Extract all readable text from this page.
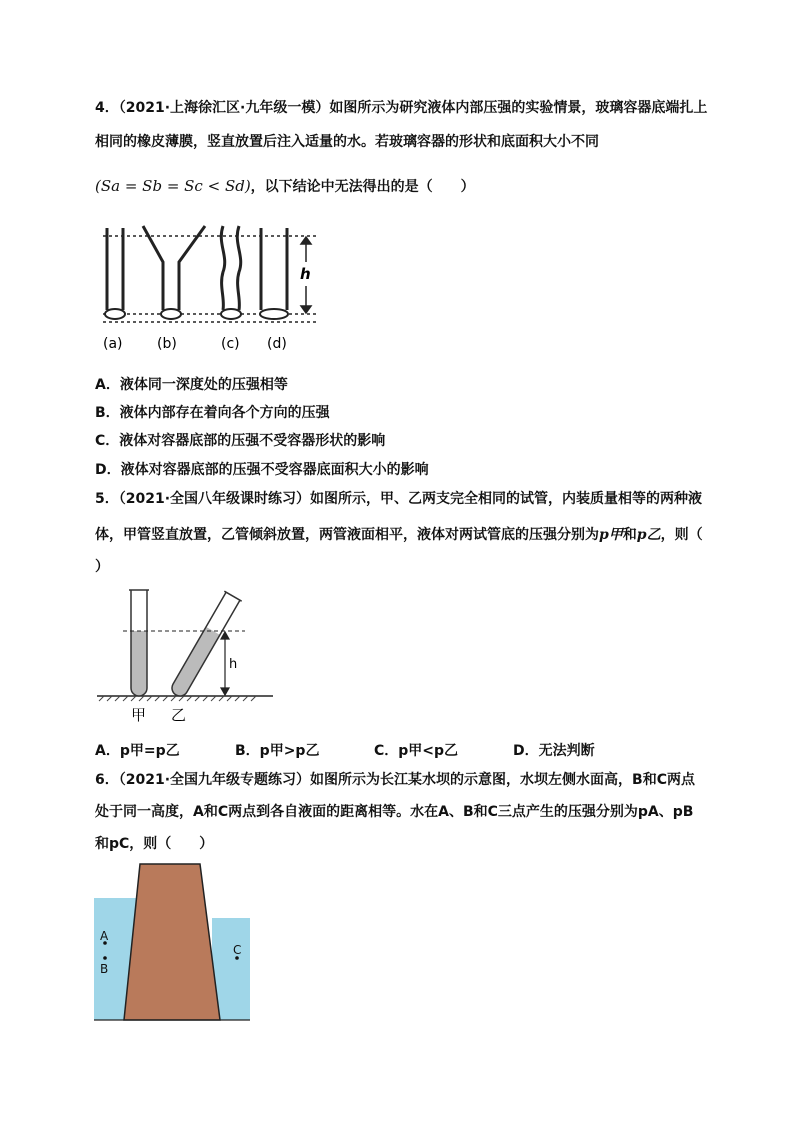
4．（2021·上海徐汇区·九年级一模）如图所示为研究液体内部压强的实验情景，玻璃容器底端扎上
相同的橡皮薄膜，竖直放置后注入适量的水。若玻璃容器的形状和底面积大小不同
(Sa = Sb = Sc < Sd)，以下结论中无法得出的是（　　）
h
(a) (b)	(c) (d)
A．液体同一深度处的压强相等
B．液体内部存在着向各个方向的压强
C．液体对容器底部的压强不受容器形状的影响
D．液体对容器底部的压强不受容器底面积大小的影响
5．（2021·全国八年级课时练习）如图所示，甲、乙两支完全相同的试管，内装质量相等的两种液
体，甲管竖直放置，乙管倾斜放置，两管液面相平，液体对两试管底的压强分别为p甲和p乙，则（
）
h
甲 乙
A．p甲=p乙	B．p甲>p乙	C．p甲<p乙	D．无法判断
6．（2021·全国九年级专题练习）如图所示为长江某水坝的示意图，水坝左侧水面高，B和C两点
处于同一高度，A和C两点到各自液面的距离相等。水在A、B和C三点产生的压强分别为pA、pB
和pC，则（　　）
A
B
C
